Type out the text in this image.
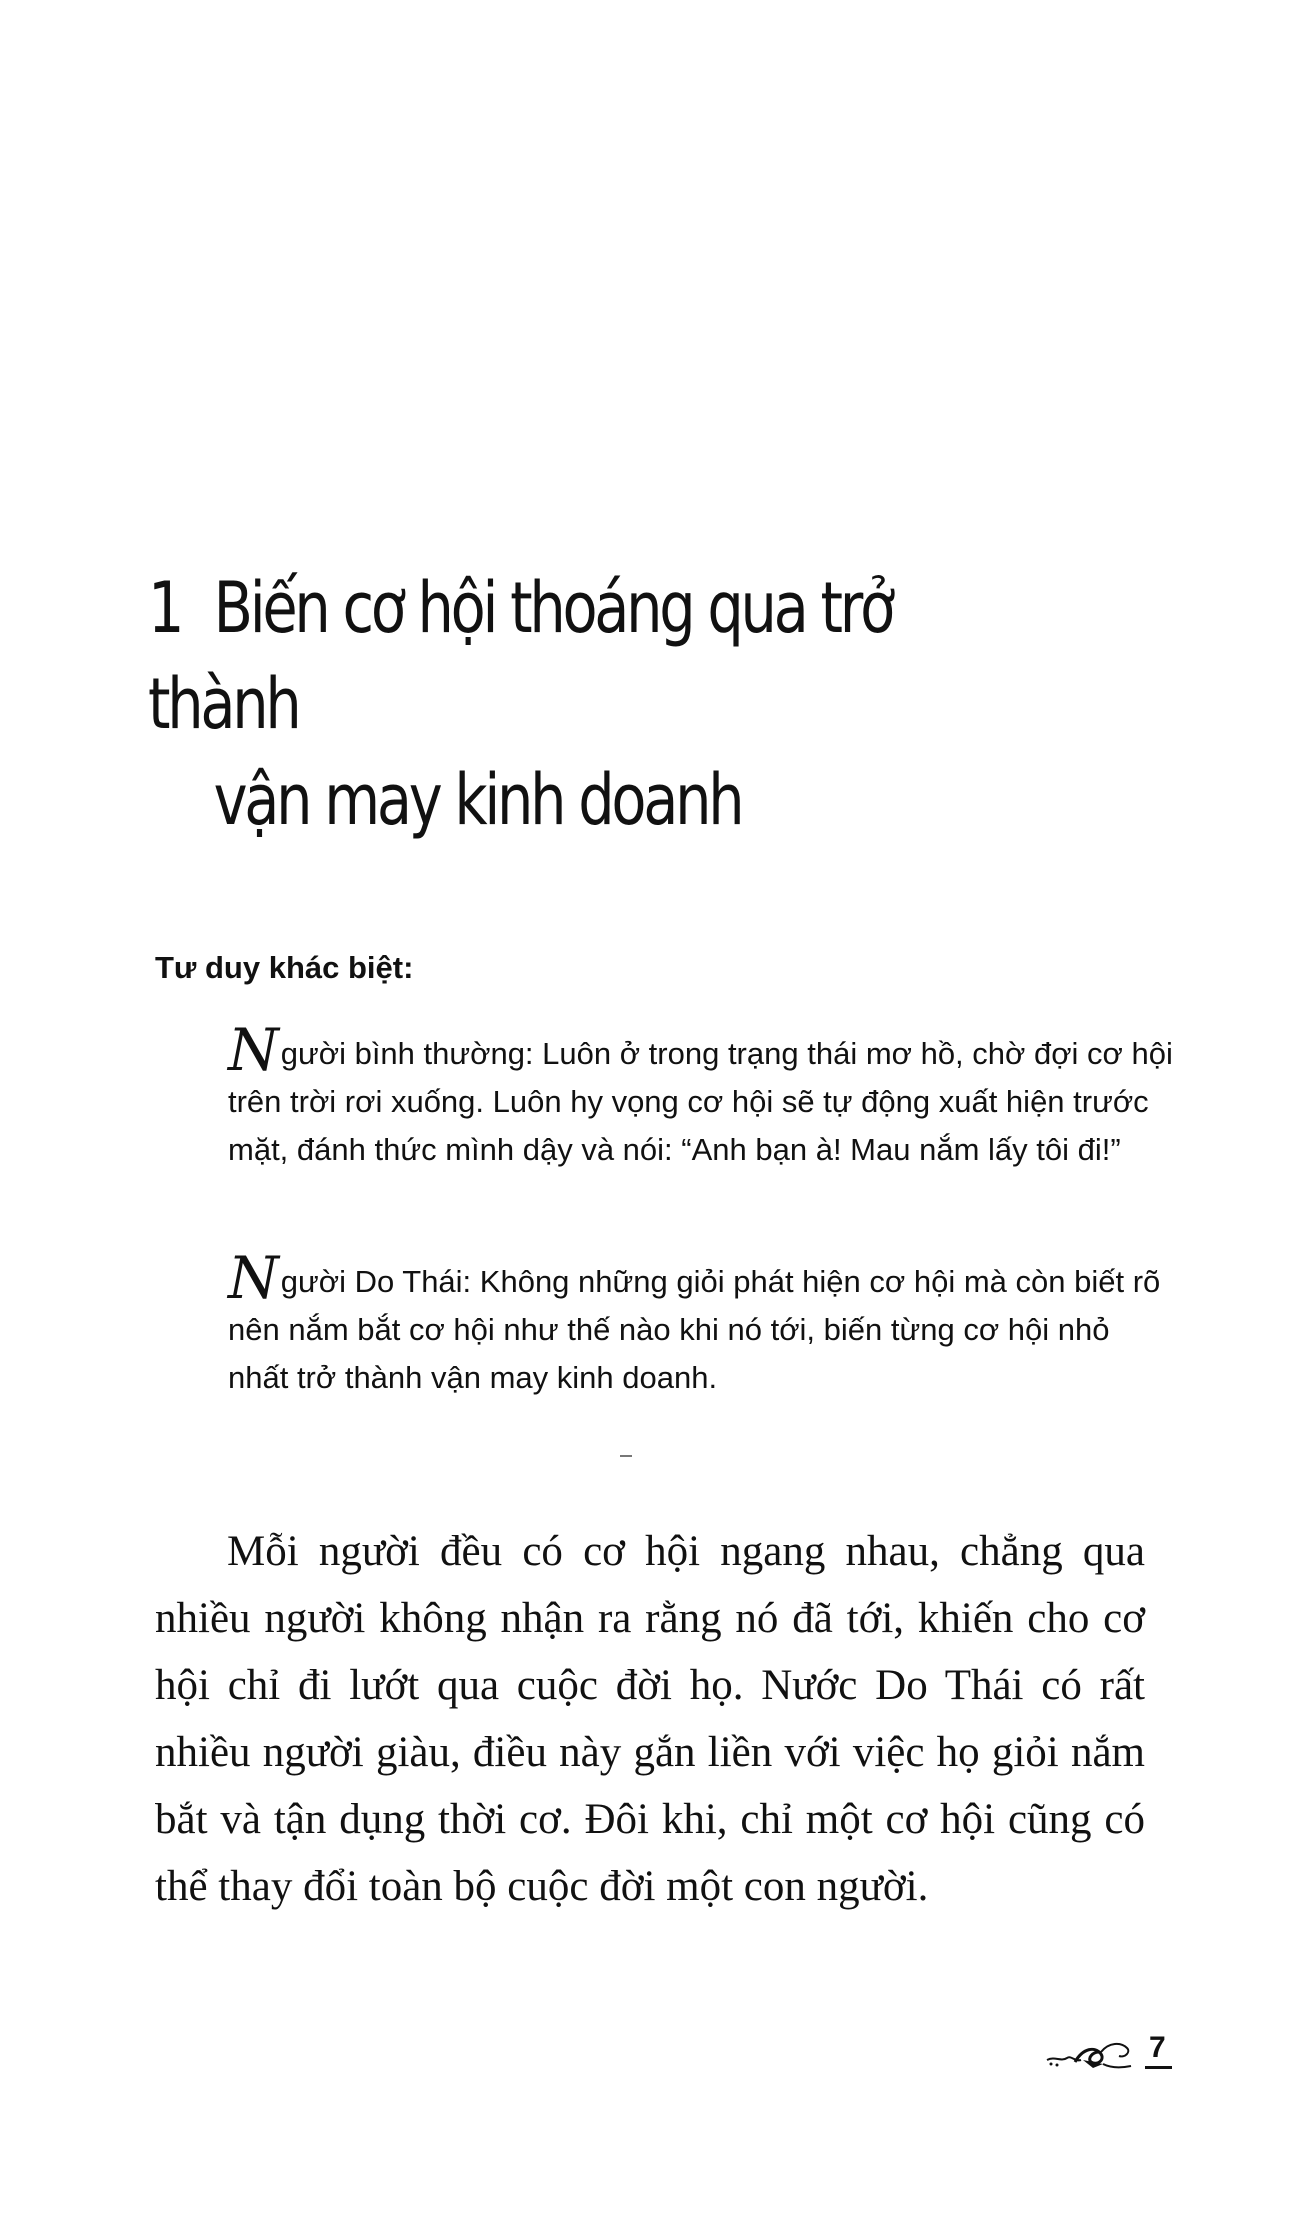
1 Biến cơ hội thoáng qua trở thành
vận may kinh doanh
Tư duy khác biệt:

Người bình thường: Luôn ở trong trạng thái mơ hồ, chờ đợi cơ hội trên trời rơi xuống. Luôn hy vọng cơ hội sẽ tự động xuất hiện trước mặt, đánh thức mình dậy và nói: “Anh bạn à! Mau nắm lấy tôi đi!”

Người Do Thái: Không những giỏi phát hiện cơ hội mà còn biết rõ nên nắm bắt cơ hội như thế nào khi nó tới, biến từng cơ hội nhỏ nhất trở thành vận may kinh doanh.

Mỗi người đều có cơ hội ngang nhau, chẳng qua nhiều người không nhận ra rằng nó đã tới, khiến cho cơ hội chỉ đi lướt qua cuộc đời họ. Nước Do Thái có rất nhiều người giàu, điều này gắn liền với việc họ giỏi nắm bắt và tận dụng thời cơ. Đôi khi, chỉ một cơ hội cũng có thể thay đổi toàn bộ cuộc đời một con người.

7
